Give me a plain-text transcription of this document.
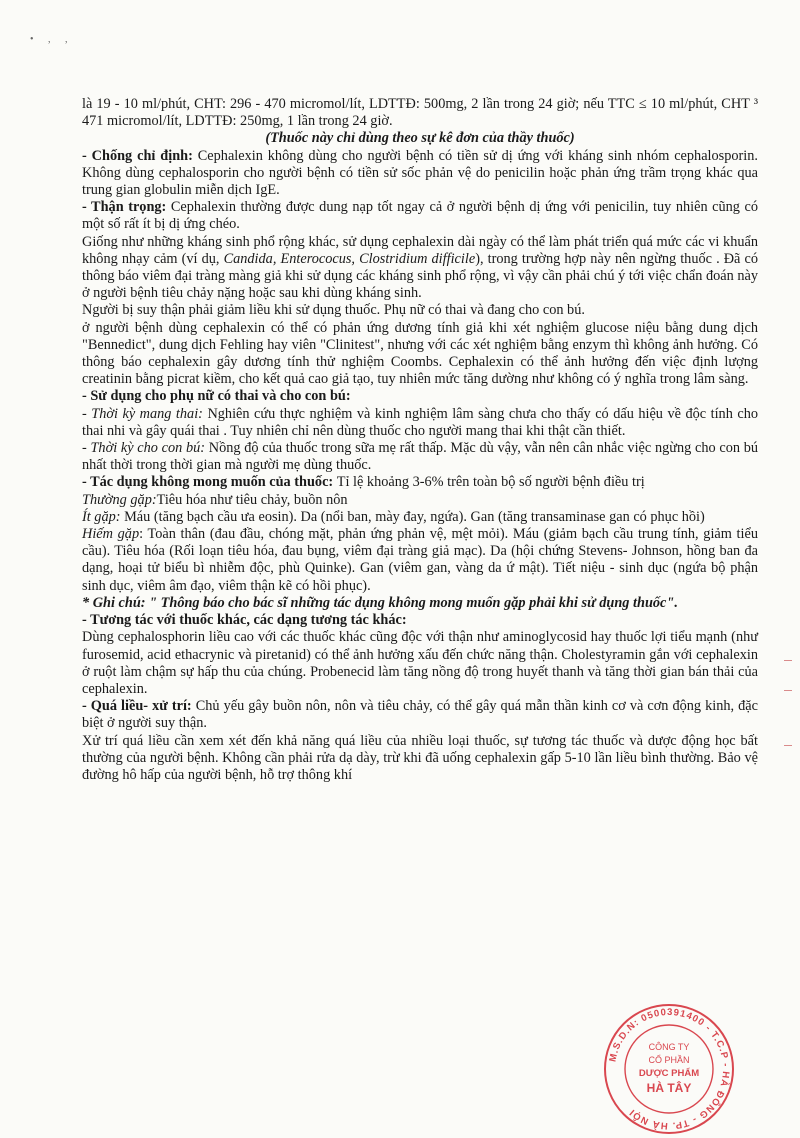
• , ,

là 19 - 10 ml/phút, CHT: 296 - 470 micromol/lít, LDTTĐ: 500mg, 2 lần trong 24 giờ; nếu TTC ≤ 10 ml/phút, CHT ³ 471 micromol/lít, LDTTĐ: 250mg, 1 lần trong 24 giờ.

(Thuốc này chỉ dùng theo sự kê đơn của thầy thuốc)

- Chống chỉ định: Cephalexin không dùng cho người bệnh có tiền sử dị ứng với kháng sinh nhóm cephalosporin. Không dùng cephalosporin cho người bệnh có tiền sử sốc phản vệ do penicilin hoặc phản ứng trầm trọng khác qua trung gian globulin miễn dịch IgE.

- Thận trọng: Cephalexin thường được dung nạp tốt ngay cả ở người bệnh dị ứng với penicilin, tuy nhiên cũng có một số rất ít bị dị ứng chéo.

Giống như những kháng sinh phổ rộng khác, sử dụng cephalexin dài ngày có thể làm phát triển quá mức các vi khuẩn không nhạy cảm (ví dụ, Candida, Enterococus, Clostridium difficile), trong trường hợp này nên ngừng thuốc . Đã có thông báo viêm đại tràng màng giả khi sử dụng các kháng sinh phổ rộng, vì vậy cần phải chú ý tới việc chẩn đoán này ở người bệnh tiêu chảy nặng hoặc sau khi dùng kháng sinh.

Người bị suy thận phải giảm liều khi sử dụng thuốc. Phụ nữ có thai và đang cho con bú.

ở người bệnh dùng cephalexin có thể có phản ứng dương tính giả khi xét nghiệm glucose niệu bằng dung dịch "Bennedict", dung dịch Fehling hay viên "Clinitest", nhưng với các xét nghiệm bằng enzym thì không ảnh hưởng. Có thông báo cephalexin gây dương tính thử nghiệm Coombs. Cephalexin có thể ảnh hưởng đến việc định lượng creatinin bằng picrat kiềm, cho kết quả cao giả tạo, tuy nhiên mức tăng dường như không có ý nghĩa trong lâm sàng.

- Sử dụng cho phụ nữ có thai và cho con bú:

- Thời kỳ mang thai: Nghiên cứu thực nghiệm và kinh nghiệm lâm sàng chưa cho thấy có dấu hiệu về độc tính cho thai nhi và gây quái thai . Tuy nhiên chỉ nên dùng thuốc cho người mang thai khi thật cần thiết.

- Thời kỳ cho con bú: Nồng độ của thuốc trong sữa mẹ rất thấp. Mặc dù vậy, vẫn nên cân nhắc việc ngừng cho con bú nhất thời trong thời gian mà người mẹ dùng thuốc.

- Tác dụng không mong muốn của thuốc: Tỉ lệ khoảng 3-6% trên toàn bộ số người bệnh điều trị

Thường gặp:Tiêu hóa như tiêu chảy, buồn nôn

Ít gặp: Máu (tăng bạch cầu ưa eosin). Da (nổi ban, mày đay, ngứa). Gan (tăng transaminase gan có phục hồi)

Hiếm gặp: Toàn thân (đau đầu, chóng mặt, phản ứng phản vệ, mệt mỏi). Máu (giảm bạch cầu trung tính, giảm tiểu cầu). Tiêu hóa (Rối loạn tiêu hóa, đau bụng, viêm đại tràng giả mạc). Da (hội chứng Stevens- Johnson, hồng ban đa dạng, hoại tử biểu bì nhiễm độc, phù Quinke). Gan (viêm gan, vàng da ứ mật). Tiết niệu - sinh dục (ngứa bộ phận sinh dục, viêm âm đạo, viêm thận kẽ có hồi phục).

* Ghi chú: " Thông báo cho bác sĩ những tác dụng không mong muốn gặp phải khi sử dụng thuốc".

- Tương tác với thuốc khác, các dạng tương tác khác:

Dùng cephalosphorin liều cao với các thuốc khác cũng độc với thận như aminoglycosid hay thuốc lợi tiểu mạnh (như furosemid, acid ethacrynic và piretanid) có thể ảnh hưởng xấu đến chức năng thận. Cholestyramin gắn với cephalexin ở ruột làm chậm sự hấp thu của chúng. Probenecid làm tăng nồng độ trong huyết thanh và tăng thời gian bán thải của cephalexin.

- Quá liều- xử trí: Chủ yếu gây buồn nôn, nôn và tiêu chảy, có thể gây quá mẫn thần kinh cơ và cơn động kinh, đặc biệt ở người suy thận.

Xử trí quá liều cần xem xét đến khả năng quá liều của nhiều loại thuốc, sự tương tác thuốc và dược động học bất thường của người bệnh. Không cần phải rửa dạ dày, trừ khi đã uống cephalexin gấp 5-10 lần liều bình thường. Bảo vệ đường hô hấp của người bệnh, hỗ trợ thông khí

M.S.D.N: 0500391400 - T.C.P - HÀ ĐÔNG - TP. HÀ NỘI
CÔNG TY
CỔ PHẦN
DƯỢC PHẨM
HÀ TÂY
